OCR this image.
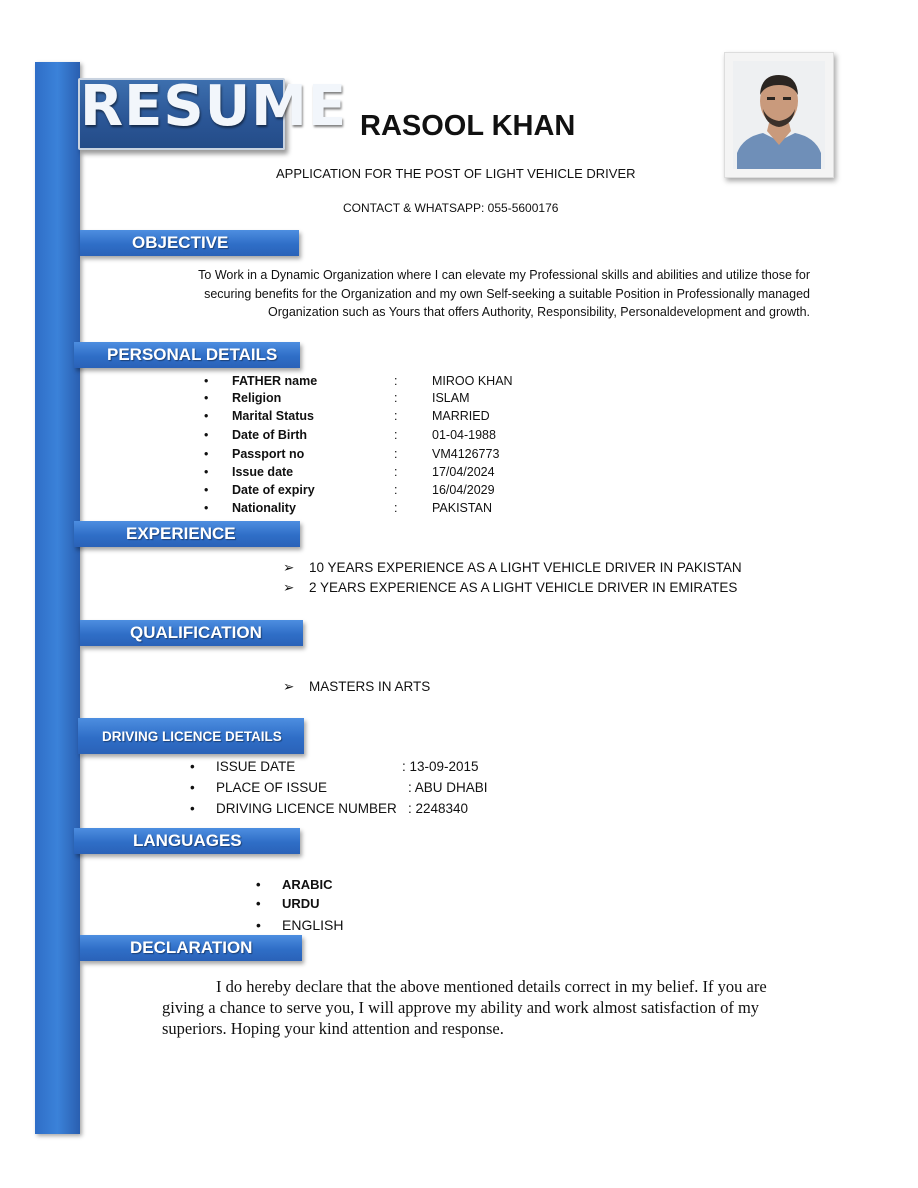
RESUME RASOOL KHAN
APPLICATION FOR THE POST OF LIGHT VEHICLE DRIVER
CONTACT & WHATSAPP: 055-5600176
OBJECTIVE
To Work in a Dynamic Organization where I can elevate my Professional skills and abilities and utilize those for
securing benefits for the Organization and my own Self-seeking a suitable Position in Professionally managed
Organization such as Yours that offers Authority, Responsibility, Personaldevelopment and growth.
PERSONAL DETAILS
• FATHER name	:	MIROO KHAN
• Religion	:	ISLAM
• Marital Status	:	MARRIED
• Date of Birth	:	01-04-1988
• Passport no	:	VM4126773
• Issue date	:	17/04/2024
• Date of expiry	:	16/04/2029
• Nationality	:	PAKISTAN
EXPERIENCE
➢ 10 YEARS EXPERIENCE AS A LIGHT VEHICLE DRIVER IN PAKISTAN
➢ 2 YEARS EXPERIENCE AS A LIGHT VEHICLE DRIVER IN EMIRATES
QUALIFICATION
➢ MASTERS IN ARTS
DRIVING LICENCE DETAILS
• ISSUE DATE	: 13-09-2015
• PLACE OF ISSUE	: ABU DHABI
• DRIVING LICENCE NUMBER : 2248340
LANGUAGES
• ARABIC
• URDU
• ENGLISH
DECLARATION
I do hereby declare that the above mentioned details correct in my belief. If you are giving a chance to serve you, I will approve my ability and work almost satisfaction of my superiors. Hoping your kind attention and response.
